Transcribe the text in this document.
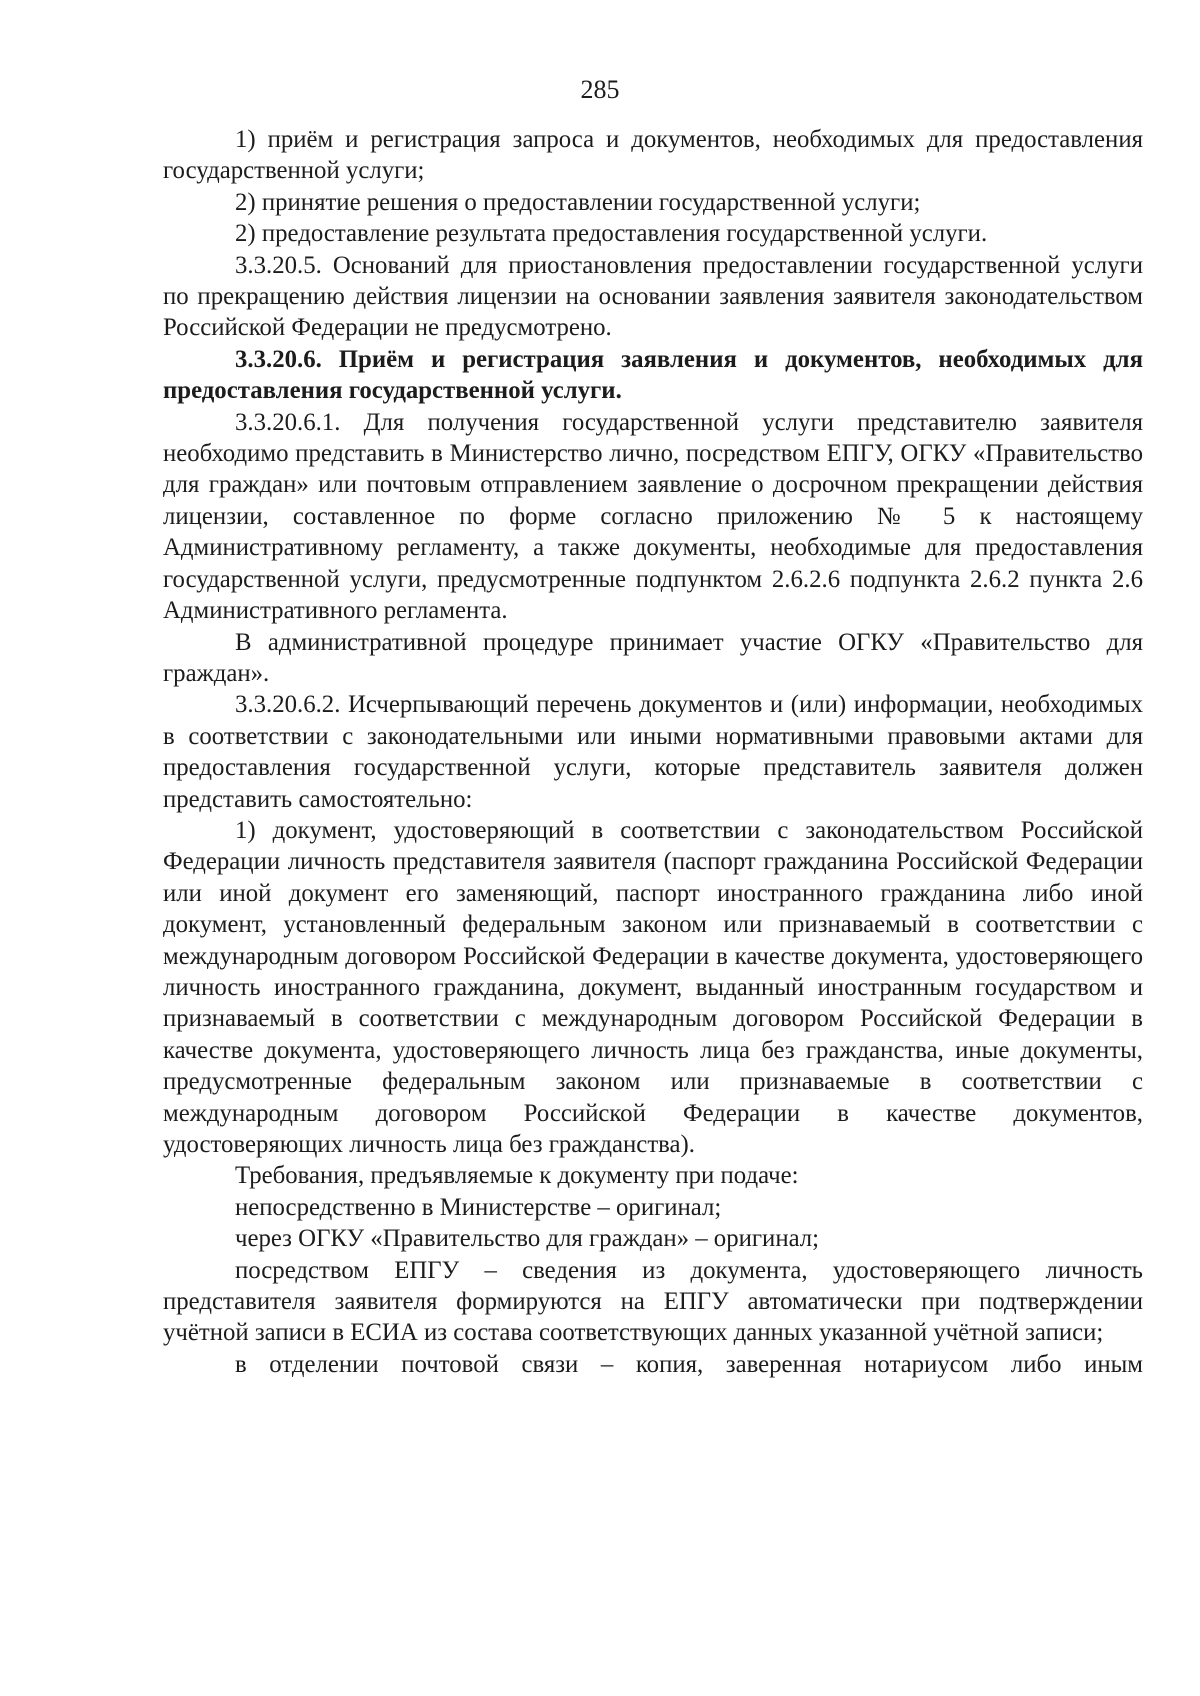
285

1) приём и регистрация запроса и документов, необходимых для предоставления государственной услуги;

2) принятие решения о предоставлении государственной услуги;

2) предоставление результата предоставления государственной услуги.

3.3.20.5. Оснований для приостановления предоставлении государственной услуги по прекращению действия лицензии на основании заявления заявителя законодательством Российской Федерации не предусмотрено.

3.3.20.6. Приём и регистрация заявления и документов, необходимых для предоставления государственной услуги.

3.3.20.6.1. Для получения государственной услуги представителю заявителя необходимо представить в Министерство лично, посредством ЕПГУ, ОГКУ «Правительство для граждан» или почтовым отправлением заявление о досрочном прекращении действия лицензии, составленное по форме согласно приложению № 5 к настоящему Административному регламенту, а также документы, необходимые для предоставления государственной услуги, предусмотренные подпунктом 2.6.2.6 подпункта 2.6.2 пункта 2.6 Административного регламента.

В административной процедуре принимает участие ОГКУ «Правительство для граждан».

3.3.20.6.2. Исчерпывающий перечень документов и (или) информации, необходимых в соответствии с законодательными или иными нормативными правовыми актами для предоставления государственной услуги, которые представитель заявителя должен представить самостоятельно:

1) документ, удостоверяющий в соответствии с законодательством Российской Федерации личность представителя заявителя (паспорт гражданина Российской Федерации или иной документ его заменяющий, паспорт иностранного гражданина либо иной документ, установленный федеральным законом или признаваемый в соответствии с международным договором Российской Федерации в качестве документа, удостоверяющего личность иностранного гражданина, документ, выданный иностранным государством и признаваемый в соответствии с международным договором Российской Федерации в качестве документа, удостоверяющего личность лица без гражданства, иные документы, предусмотренные федеральным законом или признаваемые в соответствии с международным договором Российской Федерации в качестве документов, удостоверяющих личность лица без гражданства).

Требования, предъявляемые к документу при подаче:

непосредственно в Министерстве – оригинал;

через ОГКУ «Правительство для граждан» – оригинал;

посредством ЕПГУ – сведения из документа, удостоверяющего личность представителя заявителя формируются на ЕПГУ автоматически при подтверждении учётной записи в ЕСИА из состава соответствующих данных указанной учётной записи;

в отделении почтовой связи – копия, заверенная нотариусом либо иным
